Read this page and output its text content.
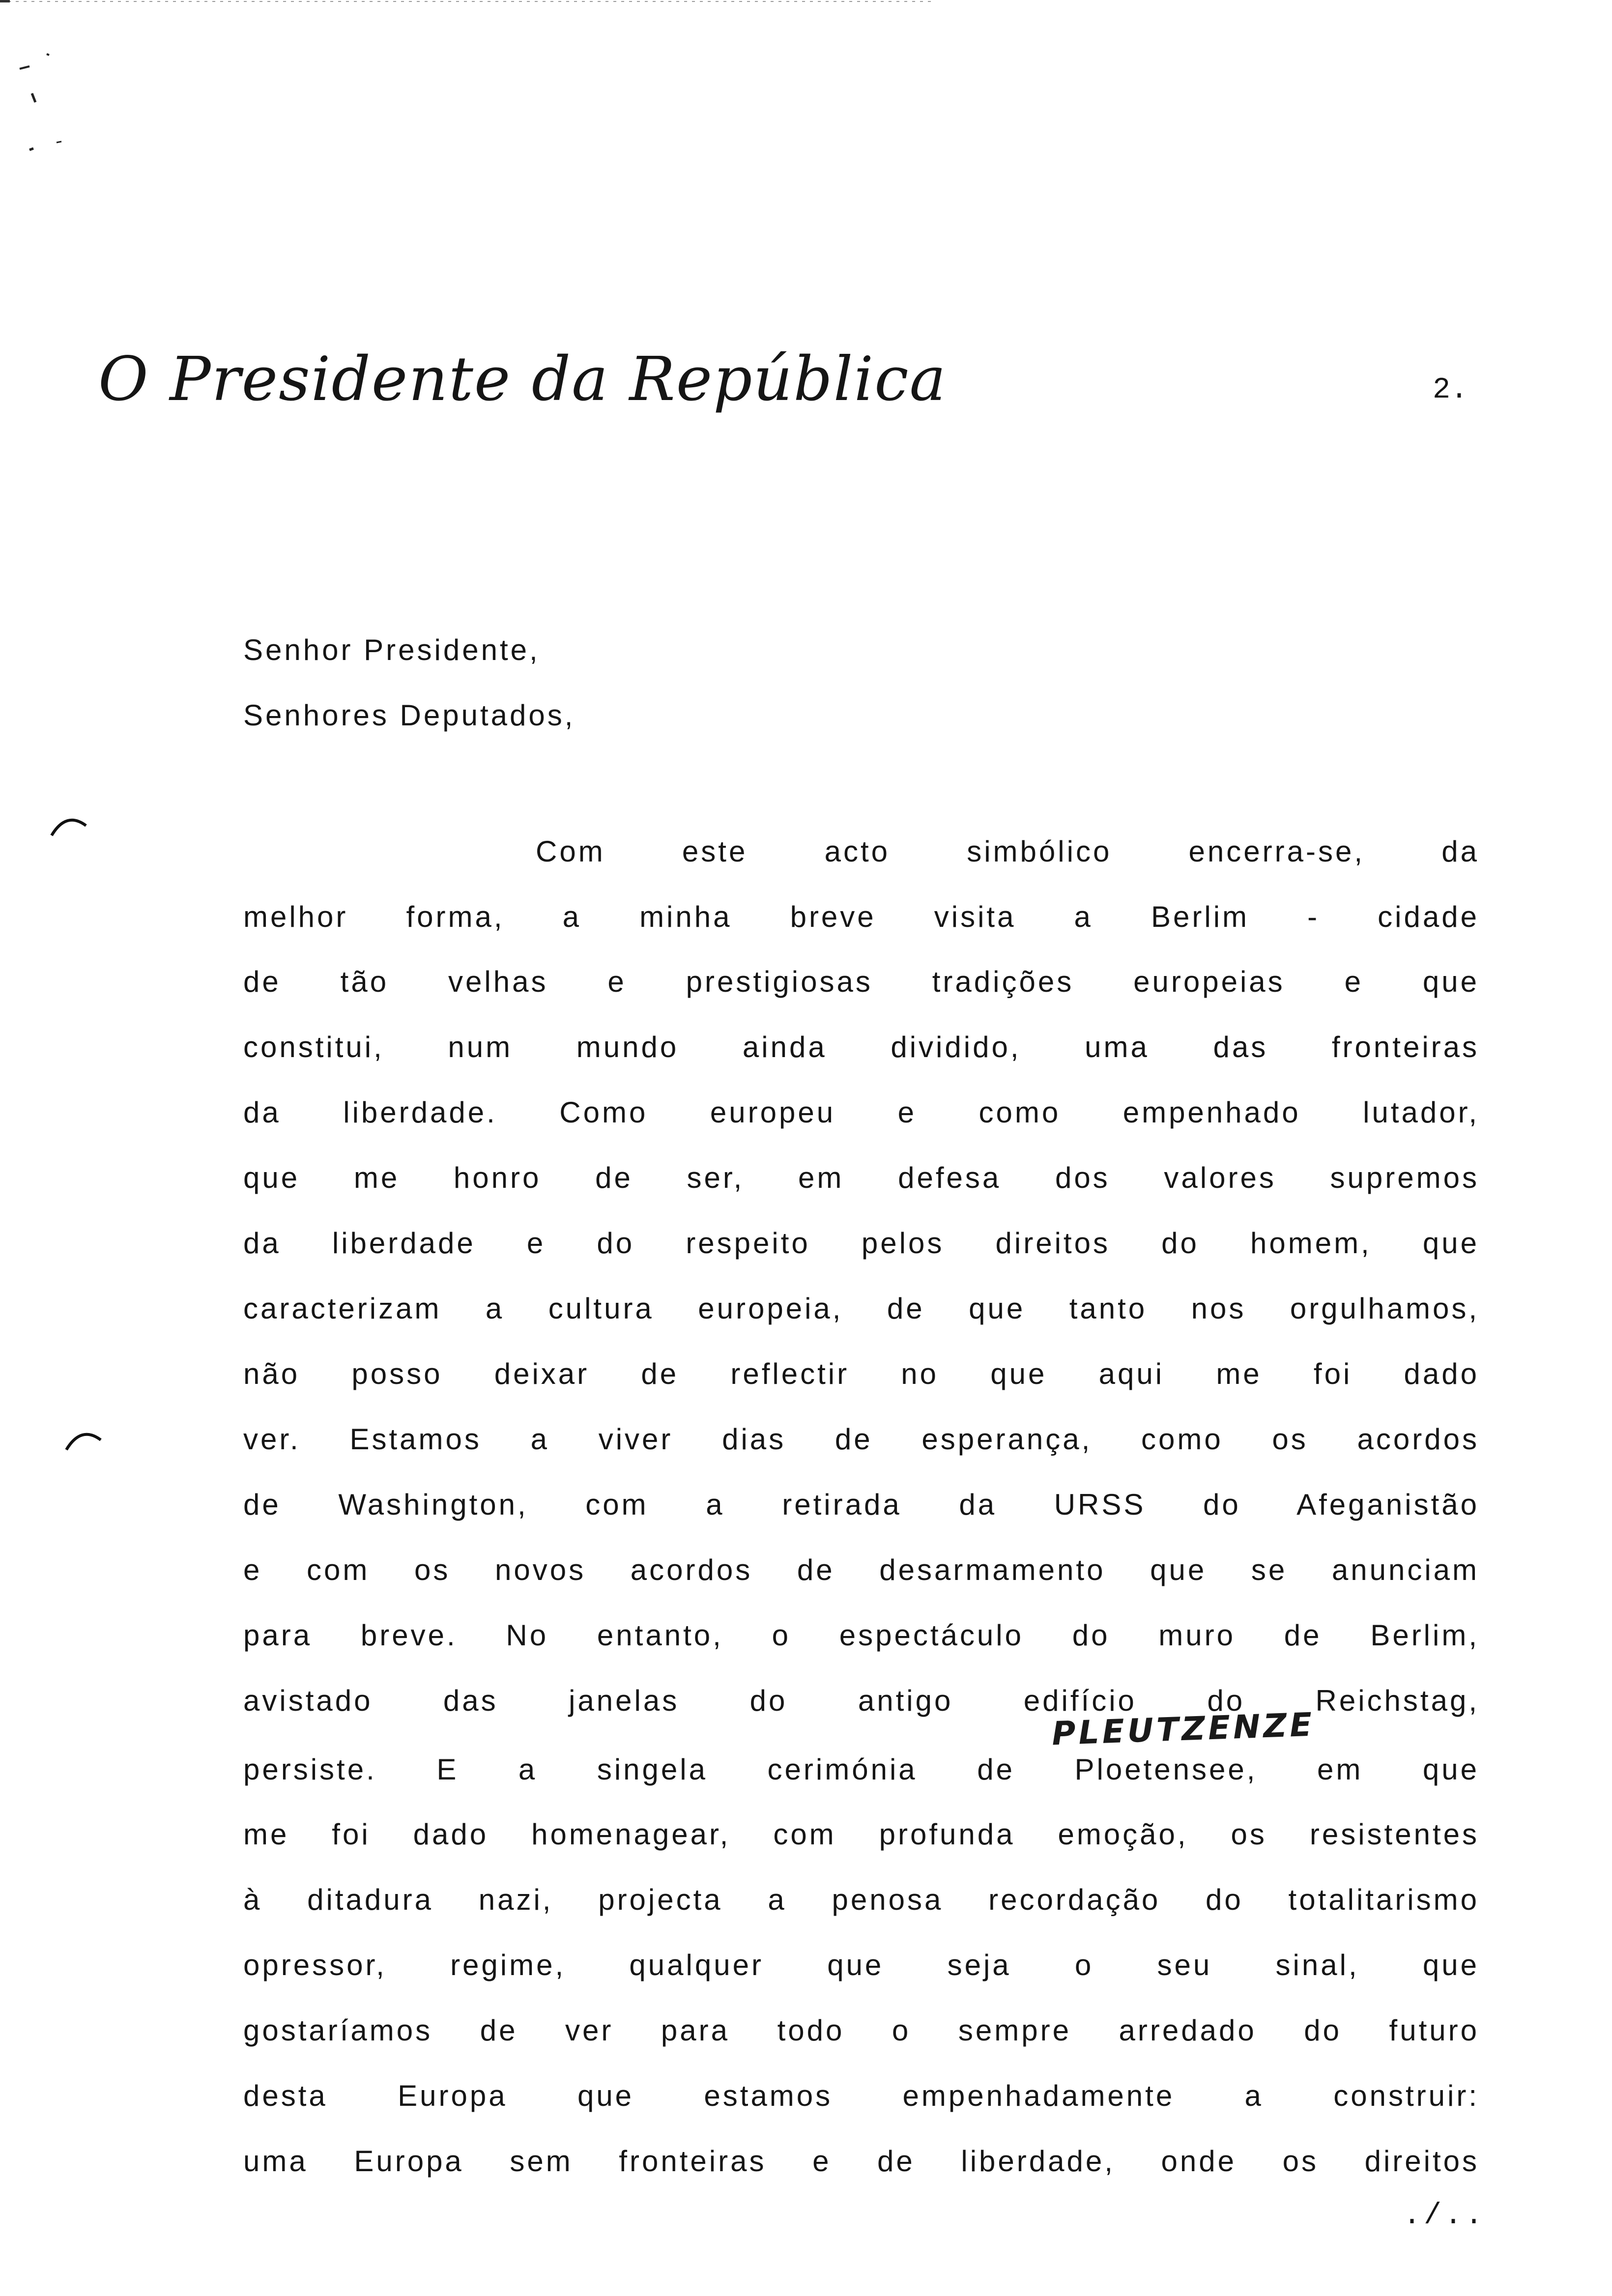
O Presidente da República	2.
Senhor Presidente,
Senhores Deputados,
Com este acto simbólico encerra-se, da
melhor forma, a minha breve visita a Berlim - cidade
de tão velhas e prestigiosas tradições europeias e que
constitui, num mundo ainda dividido, uma das fronteiras
da liberdade. Como europeu e como empenhado lutador,
que me honro de ser, em defesa dos valores supremos
da liberdade e do respeito pelos direitos do homem, que
caracterizam a cultura europeia, de que tanto nos orgulhamos,
não posso deixar de reflectir no que aqui me foi dado
ver. Estamos a viver dias de esperança, como os acordos
de Washington, com a retirada da URSS do Afeganistão
e com os novos acordos de desarmamento que se anunciam
para breve. No entanto, o espectáculo do muro de Berlim,
avistado das janelas do antigo edifício do Reichstag,
PLEUTZENZE
persiste. E a singela cerimónia de Ploetensee, em que
me foi dado homenagear, com profunda emoção, os resistentes
à ditadura nazi, projecta a penosa recordação do totalitarismo
opressor, regime, qualquer que seja o seu sinal, que
gostaríamos de ver para todo o sempre arredado do futuro
desta Europa que estamos empenhadamente a construir:
uma Europa sem fronteiras e de liberdade, onde os direitos
./..
